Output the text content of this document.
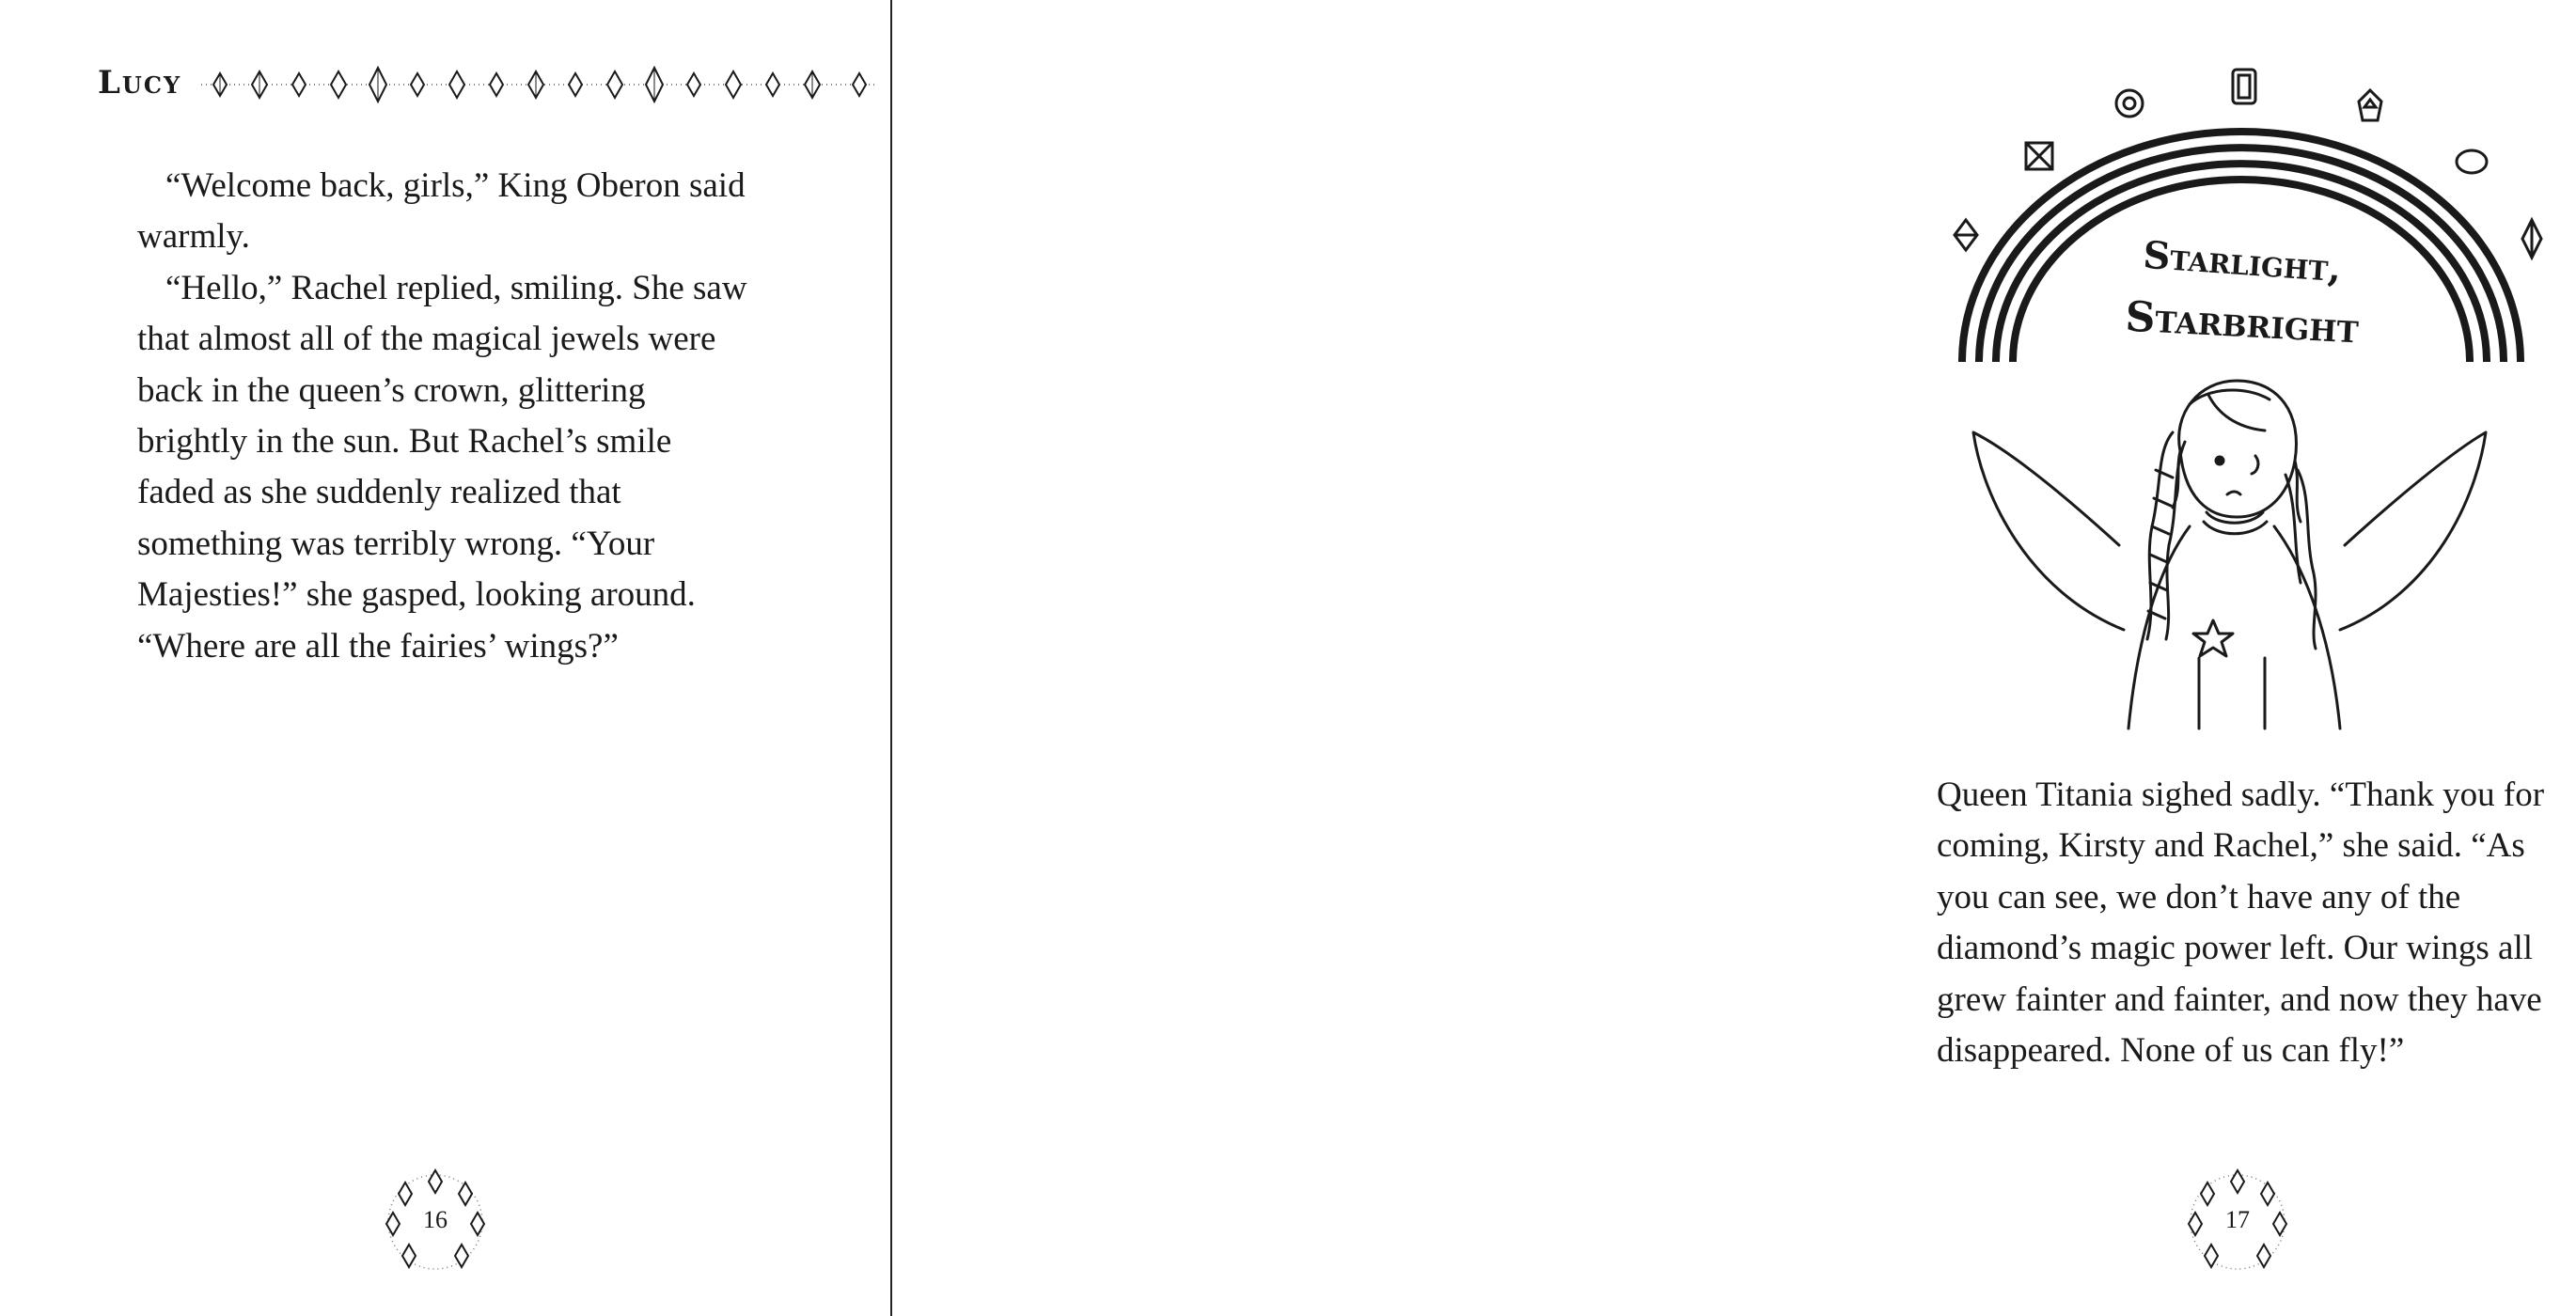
Lucy

“Welcome back, girls,” King Oberon said warmly.

“Hello,” Rachel replied, smiling. She saw that almost all of the magical jewels were back in the queen’s crown, glittering brightly in the sun. But Rachel’s smile faded as she suddenly realized that something was terribly wrong. “Your Majesties!” she gasped, looking around. “Where are all the fairies’ wings?”

16
Starlight,
Starbright

Queen Titania sighed sadly. “Thank you for coming, Kirsty and Rachel,” she said. “As you can see, we don’t have any of the diamond’s magic power left. Our wings all grew fainter and fainter, and now they have disappeared. None of us can fly!”

17
